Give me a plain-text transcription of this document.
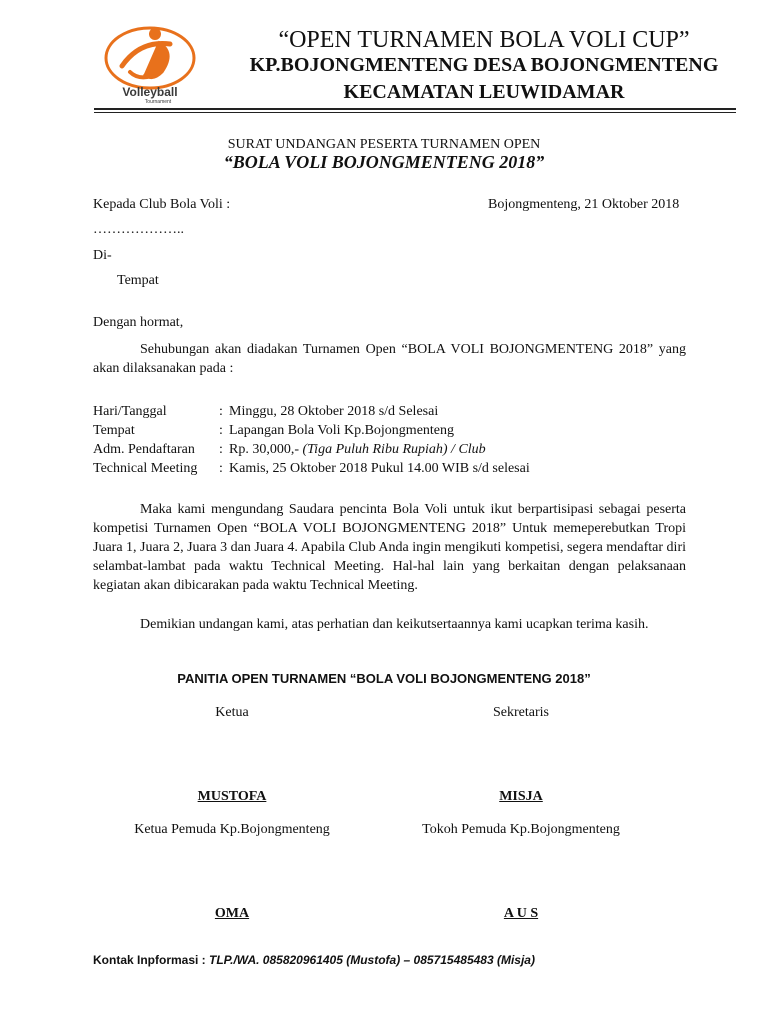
Volleyball
Tournament
“OPEN TURNAMEN BOLA VOLI CUP”
KP.BOJONGMENTENG DESA BOJONGMENTENG
KECAMATAN LEUWIDAMAR
SURAT UNDANGAN PESERTA TURNAMEN OPEN
“BOLA VOLI BOJONGMENTENG 2018”
Kepada Club Bola Voli :	Bojongmenteng, 21 Oktober 2018
………………..
Di-
Tempat
Dengan hormat,
Sehubungan akan diadakan Turnamen Open “BOLA VOLI BOJONGMENTENG 2018” yang akan dilaksanakan pada :
Hari/Tanggal	: Minggu, 28 Oktober 2018 s/d Selesai
Tempat	: Lapangan Bola Voli Kp.Bojongmenteng
Adm. Pendaftaran	: Rp. 30,000,- (Tiga Puluh Ribu Rupiah) / Club
Technical Meeting	: Kamis, 25 Oktober 2018 Pukul 14.00 WIB s/d selesai
Maka kami mengundang Saudara pencinta Bola Voli untuk ikut berpartisipasi sebagai peserta kompetisi Turnamen Open “BOLA VOLI BOJONGMENTENG 2018” Untuk memeperebutkan Tropi Juara 1, Juara 2, Juara 3 dan Juara 4. Apabila Club Anda ingin mengikuti kompetisi, segera mendaftar diri selambat-lambat pada waktu Technical Meeting. Hal-hal lain yang berkaitan dengan pelaksanaan kegiatan akan dibicarakan pada waktu Technical Meeting.
Demikian undangan kami, atas perhatian dan keikutsertaannya kami ucapkan terima kasih.
PANITIA OPEN TURNAMEN “BOLA VOLI BOJONGMENTENG 2018”
Ketua	Sekretaris
MUSTOFA	MISJA
Ketua Pemuda Kp.Bojongmenteng	Tokoh Pemuda Kp.Bojongmenteng
OMA	A U S
Kontak Inpformasi : TLP./WA. 085820961405 (Mustofa) – 085715485483 (Misja)
